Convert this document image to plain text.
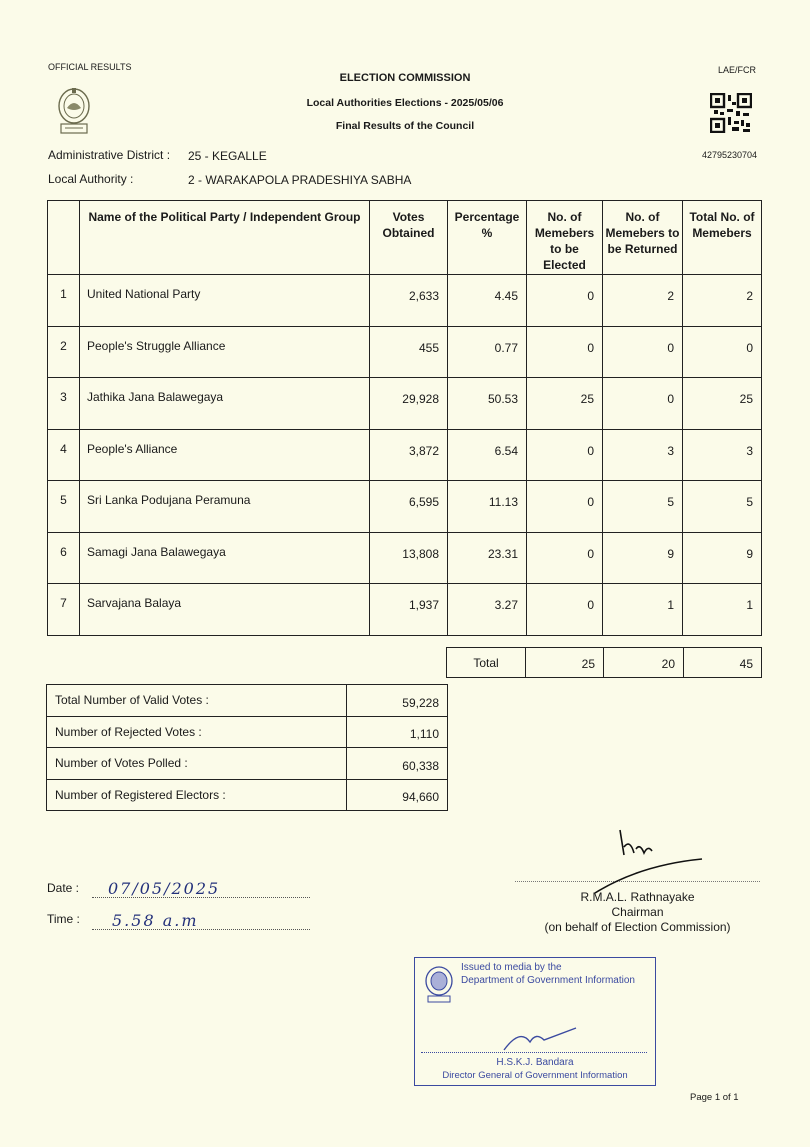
OFFICIAL RESULTS	LAE/FCR
ELECTION COMMISSION
Local Authorities Elections - 2025/05/06
Final Results of the Council
42795230704
Administrative District : 25 - KEGALLE
Local Authority :	2 - WARAKAPOLA PRADESHIYA SABHA
	Name of the Political Party / Independent Group	Votes Obtained	Percentage %	No. of Memebers to be Elected	No. of Memebers to be Returned	Total No. of Memebers
1	United National Party	2,633	4.45	0	2	2
2	People's Struggle Alliance	455	0.77	0	0	0
3	Jathika Jana Balawegaya	29,928	50.53	25	0	25
4	People's Alliance	3,872	6.54	0	3	3
5	Sri Lanka Podujana Peramuna	6,595	11.13	0	5	5
6	Samagi Jana Balawegaya	13,808	23.31	0	9	9
7	Sarvajana Balaya	1,937	3.27	0	1	1
Total	25	20	45
Total Number of Valid Votes :	59,228
Number of Rejected Votes :	1,110
Number of Votes Polled :	60,338
Number of Registered Electors :	94,660
Date :	07/05/2025
Time :	5.58 a.m
R.M.A.L. Rathnayake
Chairman
(on behalf of Election Commission)
Issued to media by the
Department of Government Information
H.S.K.J. Bandara
Director General of Government Information
Page 1 of 1
